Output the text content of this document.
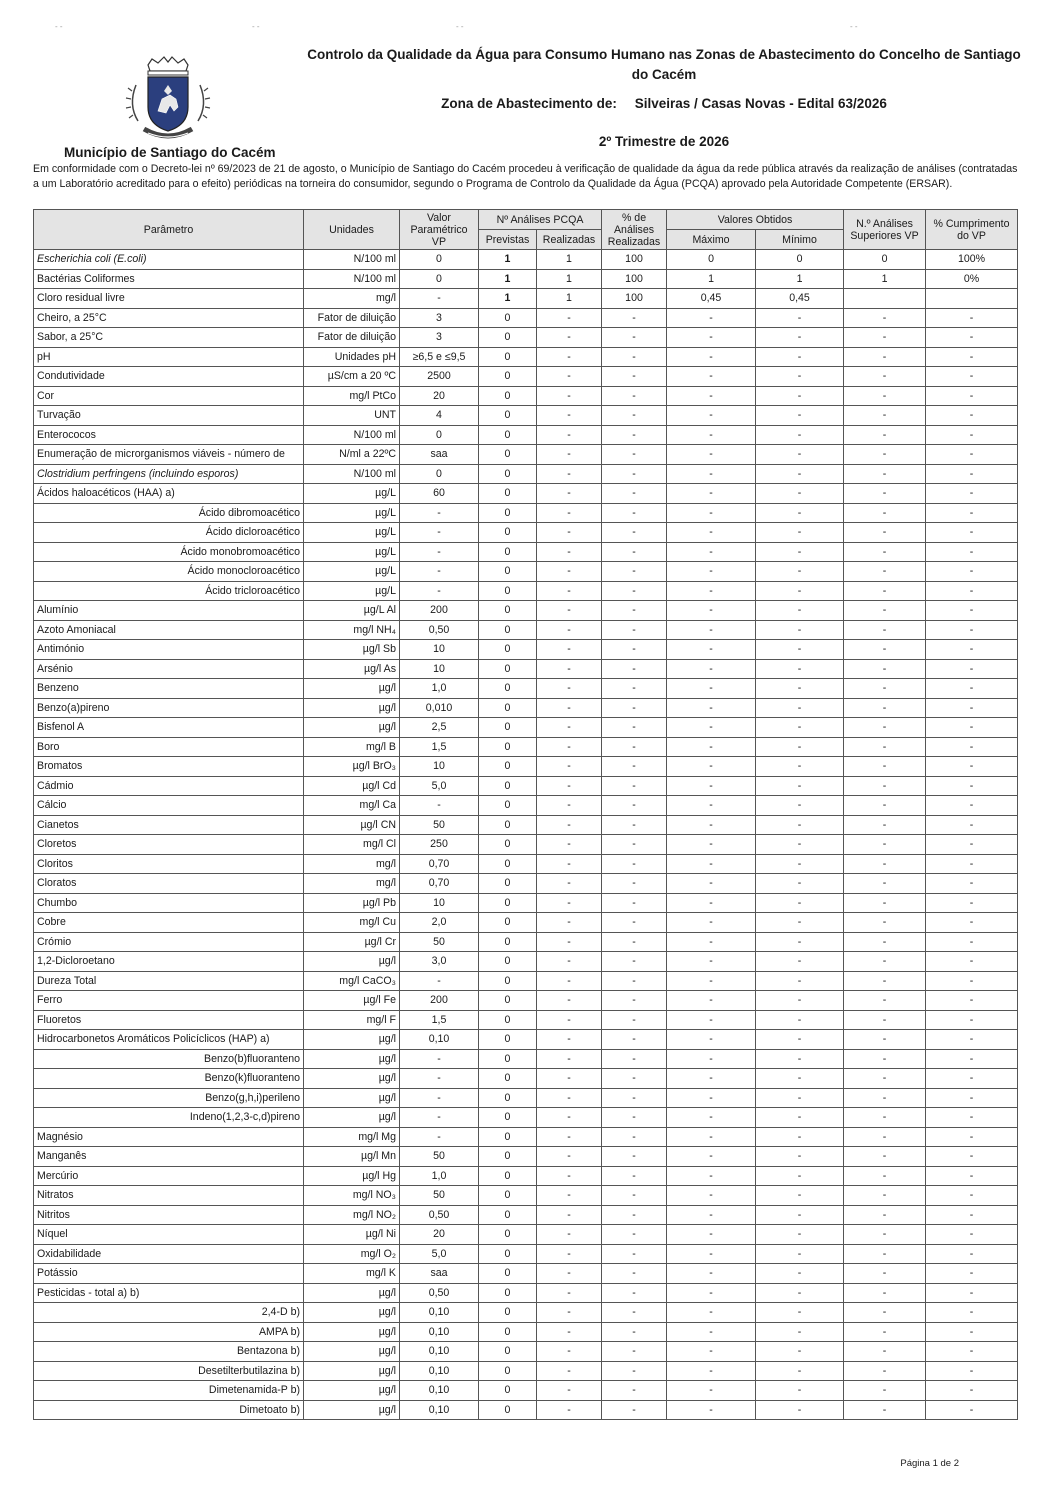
- -	- -	- -	- -
Controlo da Qualidade da Água para Consumo Humano nas Zonas de Abastecimento do Concelho de Santiago do Cacém
Zona de Abastecimento de: Silveiras / Casas Novas - Edital 63/2026
2º Trimestre de 2026
Município de Santiago do Cacém
Em conformidade com o Decreto-lei nº 69/2023 de 21 de agosto, o Município de Santiago do Cacém procedeu à verificação de qualidade da água da rede pública através da realização de análises (contratadas a um Laboratório acreditado para o efeito) periódicas na torneira do consumidor, segundo o Programa de Controlo da Qualidade da Água (PCQA) aprovado pela Autoridade Competente (ERSAR).
Parâmetro	Unidades	Valor Paramétrico VP	Nº Análises PCQA		% de Análises Realizadas	Valores Obtidos		N.º Análises Superiores VP	% Cumprimento do VP
			Previstas	Realizadas		Máximo	Mínimo		
Escherichia coli (E.coli)	N/100 ml	0	1	1	100	0	0	0	100%
Bactérias Coliformes	N/100 ml	0	1	1	100	1	1	1	0%
Cloro residual livre	mg/l	-	1	1	100	0,45	0,45		
Cheiro, a 25°C	Fator de diluição	3	0	-	-	-	-	-	-
Sabor, a 25°C	Fator de diluição	3	0	-	-	-	-	-	-
pH	Unidades pH	≥6,5 e ≤9,5	0	-	-	-	-	-	-
Condutividade	µS/cm a 20 ºC	2500	0	-	-	-	-	-	-
Cor	mg/l PtCo	20	0	-	-	-	-	-	-
Turvação	UNT	4	0	-	-	-	-	-	-
Enterococos	N/100 ml	0	0	-	-	-	-	-	-
Enumeração de microrganismos viáveis - número de	N/ml a 22ºC	saa	0	-	-	-	-	-	-
Clostridium perfringens (incluindo esporos)	N/100 ml	0	0	-	-	-	-	-	-
Ácidos haloacéticos (HAA) a)	µg/L	60	0	-	-	-	-	-	-
Ácido dibromoacético	µg/L	-	0	-	-	-	-	-	-
Ácido dicloroacético	µg/L	-	0	-	-	-	-	-	-
Ácido monobromoacético	µg/L	-	0	-	-	-	-	-	-
Ácido monocloroacético	µg/L	-	0	-	-	-	-	-	-
Ácido tricloroacético	µg/L	-	0	-	-	-	-	-	-
Alumínio	µg/L Al	200	0	-	-	-	-	-	-
Azoto Amoniacal	mg/l NH₄	0,50	0	-	-	-	-	-	-
Antimónio	µg/l Sb	10	0	-	-	-	-	-	-
Arsénio	µg/l As	10	0	-	-	-	-	-	-
Benzeno	µg/l	1,0	0	-	-	-	-	-	-
Benzo(a)pireno	µg/l	0,010	0	-	-	-	-	-	-
Bisfenol A	µg/l	2,5	0	-	-	-	-	-	-
Boro	mg/l B	1,5	0	-	-	-	-	-	-
Bromatos	µg/l BrO₃	10	0	-	-	-	-	-	-
Cádmio	µg/l Cd	5,0	0	-	-	-	-	-	-
Cálcio	mg/l Ca	-	0	-	-	-	-	-	-
Cianetos	µg/l CN	50	0	-	-	-	-	-	-
Cloretos	mg/l Cl	250	0	-	-	-	-	-	-
Cloritos	mg/l	0,70	0	-	-	-	-	-	-
Cloratos	mg/l	0,70	0	-	-	-	-	-	-
Chumbo	µg/l Pb	10	0	-	-	-	-	-	-
Cobre	mg/l Cu	2,0	0	-	-	-	-	-	-
Crómio	µg/l Cr	50	0	-	-	-	-	-	-
1,2-Dicloroetano	µg/l	3,0	0	-	-	-	-	-	-
Dureza Total	mg/l CaCO₃	-	0	-	-	-	-	-	-
Ferro	µg/l Fe	200	0	-	-	-	-	-	-
Fluoretos	mg/l F	1,5	0	-	-	-	-	-	-
Hidrocarbonetos Aromáticos Policíclicos (HAP) a)	µg/l	0,10	0	-	-	-	-	-	-
Benzo(b)fluoranteno	µg/l	-	0	-	-	-	-	-	-
Benzo(k)fluoranteno	µg/l	-	0	-	-	-	-	-	-
Benzo(g,h,i)perileno	µg/l	-	0	-	-	-	-	-	-
Indeno(1,2,3-c,d)pireno	µg/l	-	0	-	-	-	-	-	-
Magnésio	mg/l Mg	-	0	-	-	-	-	-	-
Manganês	µg/l Mn	50	0	-	-	-	-	-	-
Mercúrio	µg/l Hg	1,0	0	-	-	-	-	-	-
Nitratos	mg/l NO₃	50	0	-	-	-	-	-	-
Nitritos	mg/l NO₂	0,50	0	-	-	-	-	-	-
Níquel	µg/l Ni	20	0	-	-	-	-	-	-
Oxidabilidade	mg/l O₂	5,0	0	-	-	-	-	-	-
Potássio	mg/l K	saa	0	-	-	-	-	-	-
Pesticidas - total a) b)	µg/l	0,50	0	-	-	-	-	-	-
2,4-D b)	µg/l	0,10	0	-	-	-	-	-	-
AMPA b)	µg/l	0,10	0	-	-	-	-	-	-
Bentazona b)	µg/l	0,10	0	-	-	-	-	-	-
Desetilterbutilazina b)	µg/l	0,10	0	-	-	-	-	-	-
Dimetenamida-P b)	µg/l	0,10	0	-	-	-	-	-	-
Dimetoato b)	µg/l	0,10	0	-	-	-	-	-	-
Página 1 de 2
